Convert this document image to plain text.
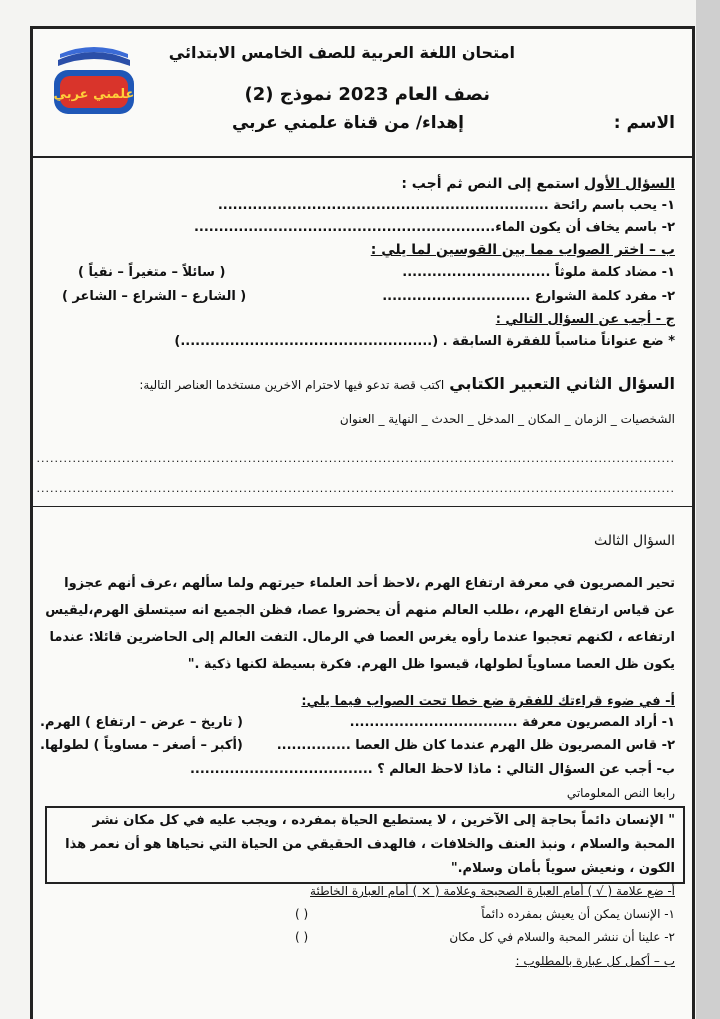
علمني عربي
امتحان اللغة العربية للصف الخامس الابتدائي
نصف العام 2023 نموذج (2)
الاسم :
إهداء/ من قناة علمني عربي
السؤال الأول استمع إلى النص ثم أجب :
١- يحب باسم رائحة ...................................................................
٢- باسم يخاف أن يكون الماء.............................................................
ب – اختر الصواب مما بين القوسين لما يلي :
١- مضاد كلمة ملوثاً ..............................
( سائلاً – متغيراً – نقياً )
٢- مفرد كلمة الشوارع ..............................
( الشارع – الشراع – الشاعر )
ج - أجب عن السؤال التالي :
* ضع عنواناً مناسباً للفقرة السابقة . (...................................................)
السؤال الثاني التعبير الكتابي اكتب قصة تدعو فيها لاحترام الاخرين مستخدما العناصر التالية:
الشخصيات _ الزمان _ المكان _ المدخل _ الحدث _ النهاية _ العنوان
..............................................................................................................................................
..............................................................................................................................................
السؤال الثالث
تحير المصريون في معرفة ارتفاع الهرم ،لاحظ أحد العلماء حيرتهم ولما سألهم ،عرف أنهم عجزوا
عن قياس ارتفاع الهرم، ،طلب العالم منهم أن يحضروا عصا، فظن الجميع انه سيتسلق الهرم،ليقيس
ارتفاعه ، لكنهم تعجبوا عندما رأوه يغرس العصا في الرمال. التفت العالم إلى الحاضرين قائلا: عندما
يكون ظل العصا مساوياً لطولها، قيسوا ظل الهرم. فكرة بسيطة لكنها ذكية ."
أ- في ضوء قراءتك للفقرة ضع خطا تحت الصواب فيما يلي:
١- أراد المصريون معرفة ..................................
( تاريخ – عرض – ارتفاع ) الهرم.
٢- قاس المصريون ظل الهرم عندما كان ظل العصا ...............
(أكبر – أصغر – مساوياً ) لطولها.
ب- أجب عن السؤال التالي : ماذا لاحظ العالم ؟ .....................................
رابعا النص المعلوماتي
" الإنسان دائماً بحاجة إلى الآخرين ، لا يستطيع الحياة بمفرده ، ويجب عليه في كل مكان نشر
المحبة والسلام ، ونبذ العنف والخلافات ، فالهدف الحقيقي من الحياة التي نحياها هو أن نعمر هذا
الكون ، ونعيش سوياً بأمان وسلام."
أ- ضع علامة ( √ ) أمام العبارة الصحيحة وعلامة ( × ) أمام العبارة الخاطئة
١- الإنسان يمكن أن يعيش بمفرده دائماً
( )
٢- علينا أن ننشر المحبة والسلام في كل مكان
( )
ب – أكمل كل عبارة بالمطلوب :
